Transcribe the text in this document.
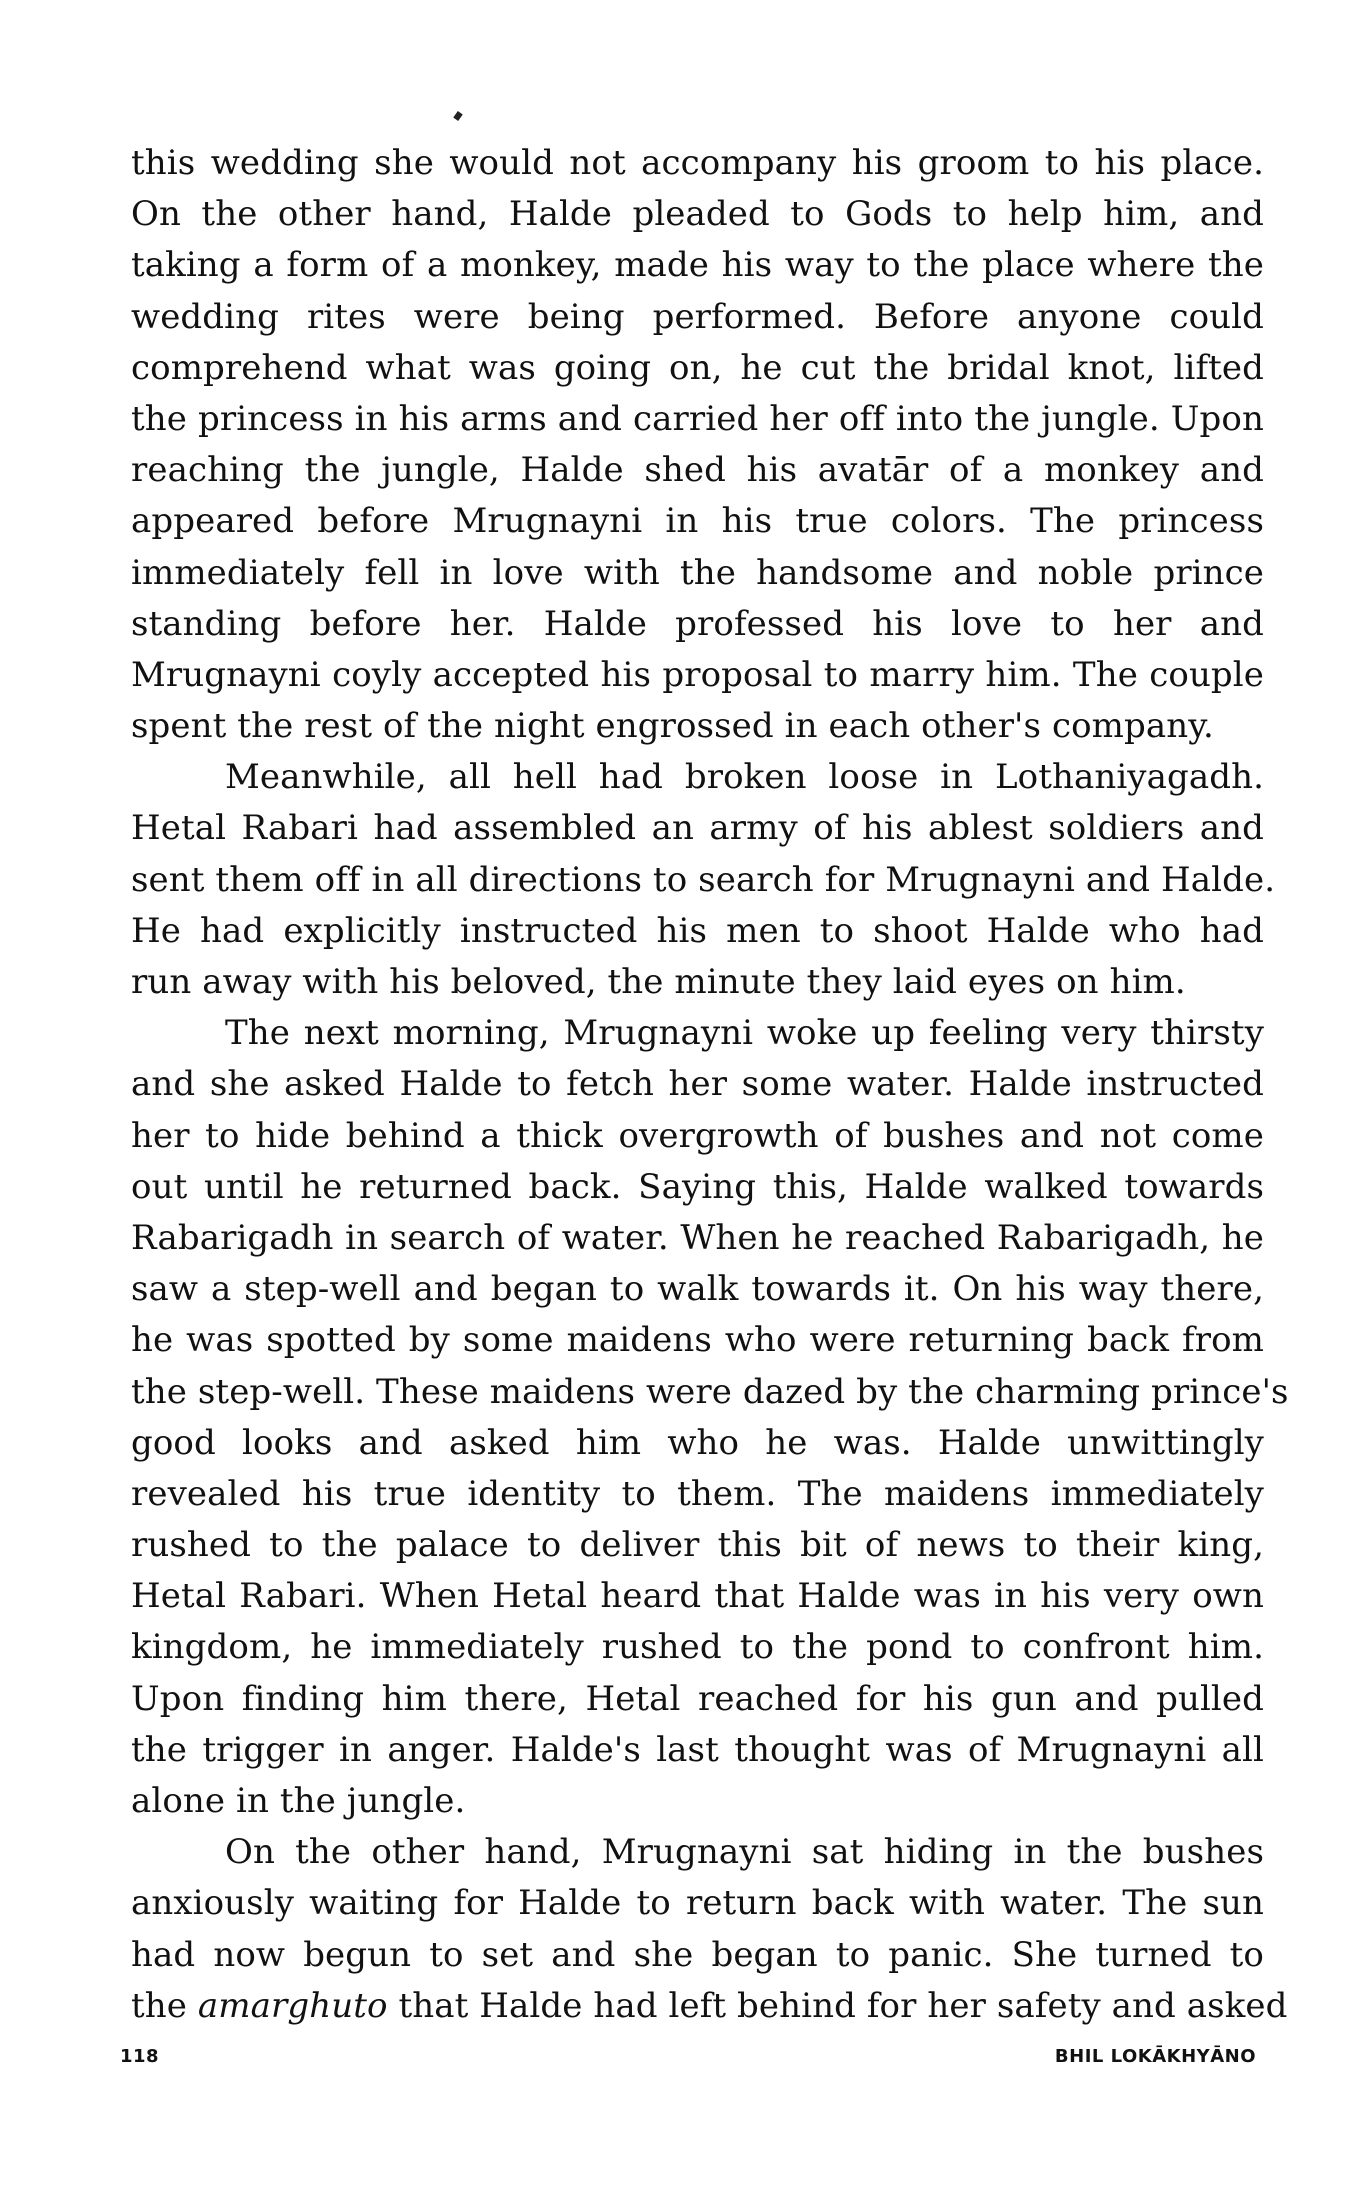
this wedding she would not accompany his groom to his place.
On the other hand, Halde pleaded to Gods to help him, and
taking a form of a monkey, made his way to the place where the
wedding rites were being performed. Before anyone could
comprehend what was going on, he cut the bridal knot, lifted
the princess in his arms and carried her off into the jungle. Upon
reaching the jungle, Halde shed his avatār of a monkey and
appeared before Mrugnayni in his true colors. The princess
immediately fell in love with the handsome and noble prince
standing before her. Halde professed his love to her and
Mrugnayni coyly accepted his proposal to marry him. The couple
spent the rest of the night engrossed in each other's company.
Meanwhile, all hell had broken loose in Lothaniyagadh.
Hetal Rabari had assembled an army of his ablest soldiers and
sent them off in all directions to search for Mrugnayni and Halde.
He had explicitly instructed his men to shoot Halde who had
run away with his beloved, the minute they laid eyes on him.
The next morning, Mrugnayni woke up feeling very thirsty
and she asked Halde to fetch her some water. Halde instructed
her to hide behind a thick overgrowth of bushes and not come
out until he returned back. Saying this, Halde walked towards
Rabarigadh in search of water. When he reached Rabarigadh, he
saw a step-well and began to walk towards it. On his way there,
he was spotted by some maidens who were returning back from
the step-well. These maidens were dazed by the charming prince's
good looks and asked him who he was. Halde unwittingly
revealed his true identity to them. The maidens immediately
rushed to the palace to deliver this bit of news to their king,
Hetal Rabari. When Hetal heard that Halde was in his very own
kingdom, he immediately rushed to the pond to confront him.
Upon finding him there, Hetal reached for his gun and pulled
the trigger in anger. Halde's last thought was of Mrugnayni all
alone in the jungle.
On the other hand, Mrugnayni sat hiding in the bushes
anxiously waiting for Halde to return back with water. The sun
had now begun to set and she began to panic. She turned to
the amarghuto that Halde had left behind for her safety and asked
118	BHIL LOKĀKHYĀNO
